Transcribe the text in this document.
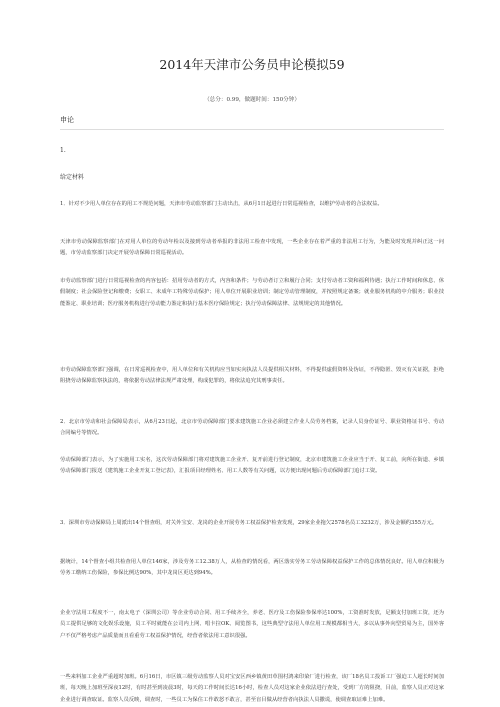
2014年天津市公务员申论模拟59
（总分：0.99，做题时间：150分钟）
申论
1.
给定材料
1．针对不少用人单位存在的用工不规范问题，天津市劳动监察部门主动出击，从6月1日起进行日常巡视检查，以维护劳动者的合法权益。
天津市劳动保障监察部门在对用人单位的劳动年检以及接到劳动者举报的非法用工检查中发现，一些企业存在着严重的非法用工行为，为能及时发现并纠正这一问题，市劳动监察部门决定开展劳动保障日常巡视活动。
市劳动监察部门进行日常巡视检查的内容包括：招用劳动者的方式，内容和条件；与劳动者订立和履行合同；支付劳动者工资和福利待遇；执行工作时间和休息、休假制度；社会保险登记和缴费；女职工、未成年工特殊劳动保护；用人单位开展职业培训；制定劳动管理制度，并按照规定备案；就业服务机构的中介服务；职业技能鉴定、职业培训；医疗服务机构进行劳动能力鉴定和执行基本医疗保险规定；执行劳动保障法律、法规规定的其他情况。
市劳动保障监察部门强调，在日常巡视检查中，用人单位和有关机构应当如实向执法人员提供相关材料，不得提供虚假资料及伪证，不得隐匿、毁灭有关证据，拒绝阻挠劳动保障监察执法的，将依据劳动法律法规严肃处理，构成犯罪的，将依法追究其刑事责任。
2．北京市劳动和社会保障局表示，从6月23日起，北京市劳动保障部门要求建筑施工企业必须建立作业人员劳务档案，记录人员身份证号、职业资格证书号、劳动合同编号等情况。
劳动保障部门表示，为了实施用工实名，这次劳动保障部门将对建筑施工企业开、复开前进行登记制度，北京市建筑施工企业应当于开、复工前，向所在街道、乡镇劳动保障部门报送《建筑施工企业开复工登记表》，汇报项目经理姓名、用工人数等有关问题，以方便出现问题后劳动保障部门追讨工资。
3．深圳市劳动保障局上周派出14个督查组，对关外宝安、龙岗的企业开展劳务工权益保护检查发现，29家企业拖欠2578名员工3232万，涉及金额约355万元。
据统计，14个督查小组共检查用人单位146家，涉及劳务工12.38万人，从检查的情况看，两区落实劳务工劳动保障权益保护工作的总体情况良好。用人单位积极为劳务工缴纳工伤保险，参保比例达90%，其中龙岗区更达到94%。
企业守法用工程度不一，南太电子（深圳公司）等企业劳动合同、用工手续齐全，养老、医疗及工伤保险参保率达100%，工资准时发放，足额支付加班工资，还为员工提供足够的文化娱乐设施，员工平时就能在公司内上网、唱卡拉OK、阅览图书，这些典型守法用人单位用工规模都相当大，多以从事外向型贸易为主，国外客户不仅严格考虑产品质量而且看重劳工权益保护情况，经营者依法用工意识很强。
一些来料加工企业严重超时加班。6月16日，市区镇三级劳动监察人员对宝安区西乡镇黄田草围村鸿来印染厂进行检查，该厂18名员工投诉工厂强迫工人超长时间加班，每天晚上加班至深夜12时，有时甚至到凌晨3时，每天的工作时间长达16小时，检查人员对这家企业依法进行查处，受到厂方的阻挠，目前，监察人员正对这家企业进行调查取证。监察人员反映，调查时，一些员工为保住工作敢怒不敢言，甚至盲目做从经营者向执法人员撒谎，使调查取证难上加难。
